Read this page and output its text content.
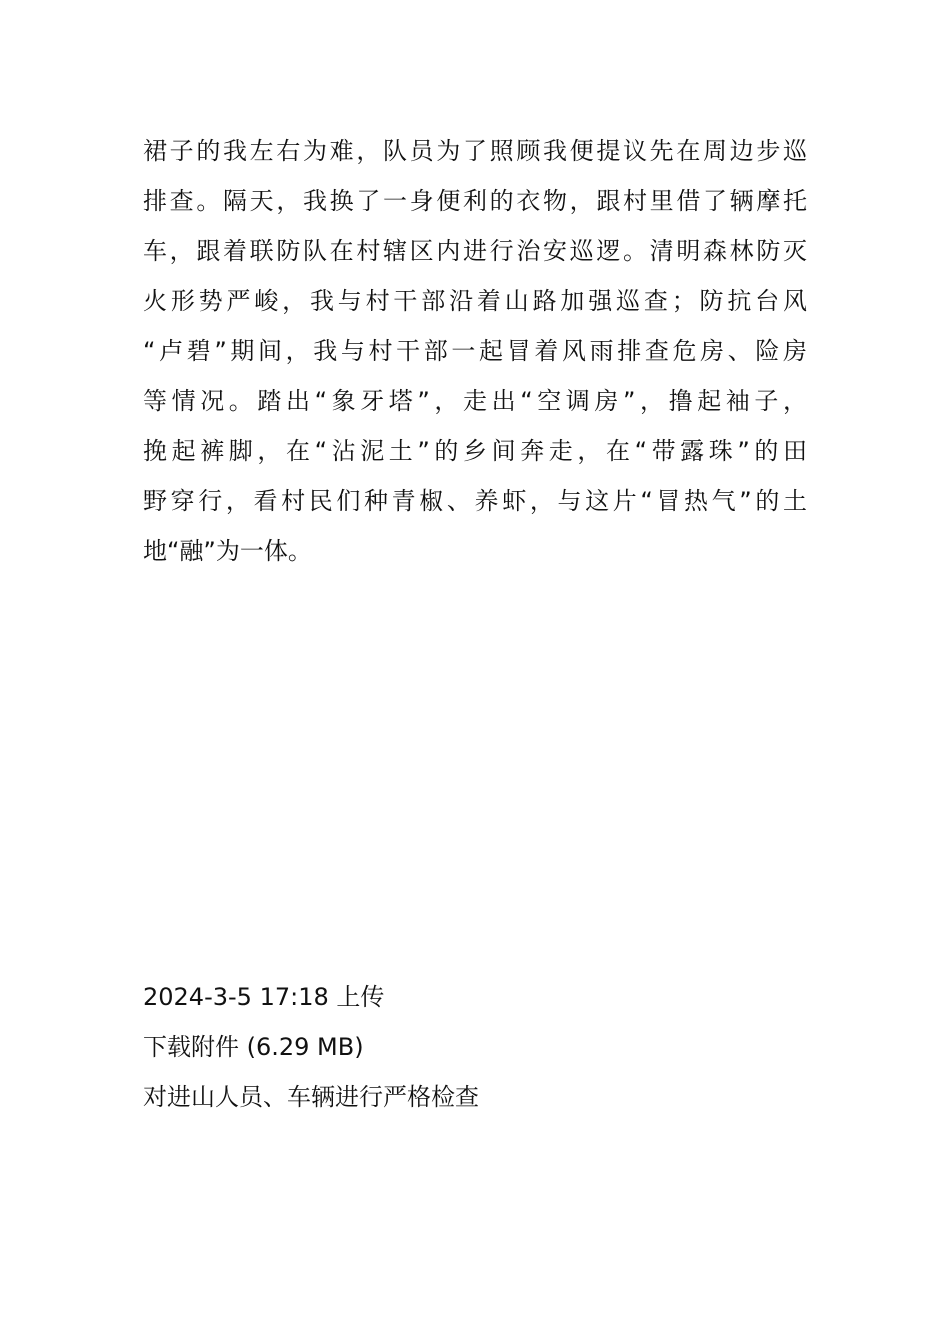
裙子的我左右为难，队员为了照顾我便提议先在周边步巡
排查。隔天，我换了一身便利的衣物，跟村里借了辆摩托
车，跟着联防队在村辖区内进行治安巡逻。清明森林防灭
火形势严峻，我与村干部沿着山路加强巡查；防抗台风
“卢碧”期间，我与村干部一起冒着风雨排查危房、险房
等情况。踏出“象牙塔”，走出“空调房”，撸起袖子，
挽起裤脚，在“沾泥土”的乡间奔走，在“带露珠”的田
野穿行，看村民们种青椒、养虾，与这片“冒热气”的土
地“融”为一体。
2024-3-5 17:18 上传
下载附件 (6.29 MB)
对进山人员、车辆进行严格检查
